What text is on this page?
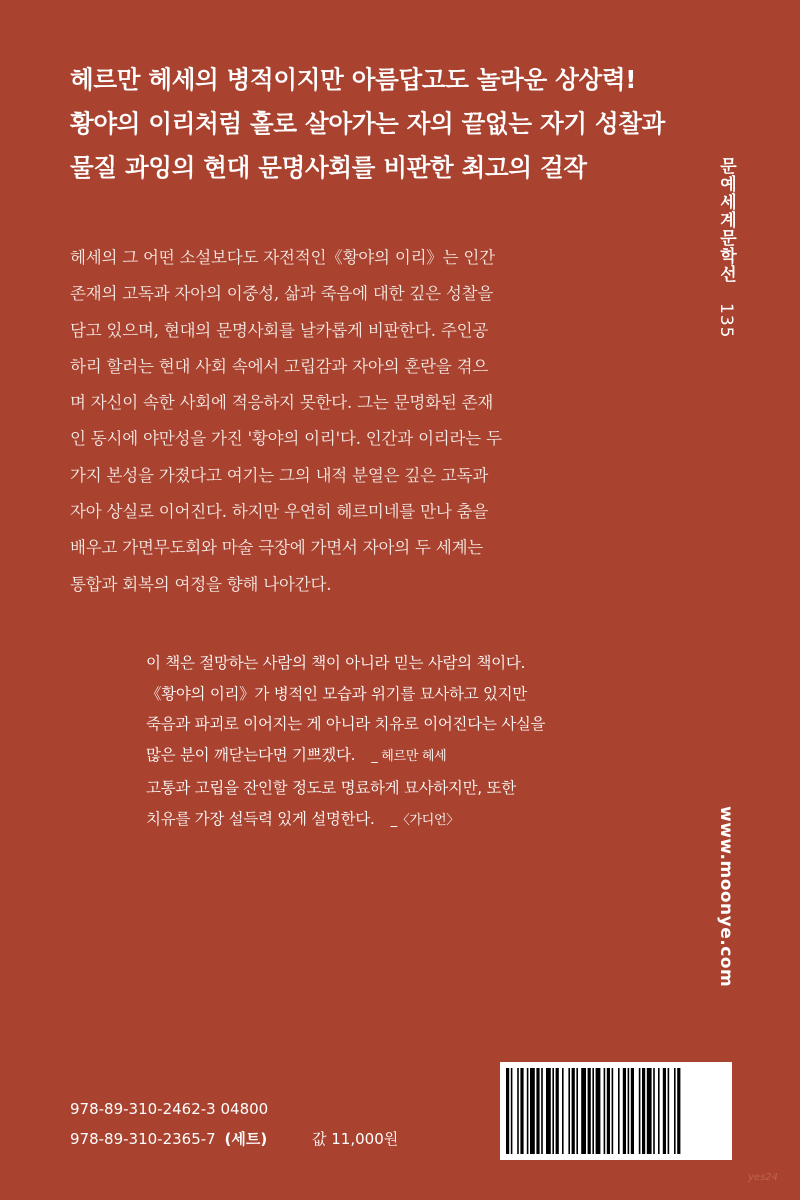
헤르만 헤세의 병적이지만 아름답고도 놀라운 상상력!
황야의 이리처럼 홀로 살아가는 자의 끝없는 자기 성찰과
물질 과잉의 현대 문명사회를 비판한 최고의 걸작	문예세계문학선135
헤세의 그 어떤 소설보다도 자전적인《황야의 이리》는 인간
존재의 고독과 자아의 이중성, 삶과 죽음에 대한 깊은 성찰을
담고 있으며, 현대의 문명사회를 날카롭게 비판한다. 주인공
하리 할러는 현대 사회 속에서 고립감과 자아의 혼란을 겪으
며 자신이 속한 사회에 적응하지 못한다. 그는 문명화된 존재
인 동시에 야만성을 가진 '황야의 이리'다. 인간과 이리라는 두
가지 본성을 가졌다고 여기는 그의 내적 분열은 깊은 고독과
자아 상실로 이어진다. 하지만 우연히 헤르미네를 만나 춤을
배우고 가면무도회와 마술 극장에 가면서 자아의 두 세계는
통합과 회복의 여정을 향해 나아간다.
이 책은 절망하는 사람의 책이 아니라 믿는 사람의 책이다.
《황야의 이리》가 병적인 모습과 위기를 묘사하고 있지만
죽음과 파괴로 이어지는 게 아니라 치유로 이어진다는 사실을
많은 분이 깨닫는다면 기쁘겠다. _ 헤르만 헤세
고통과 고립을 잔인할 정도로 명료하게 묘사하지만, 또한
치유를 가장 설득력 있게 설명한다. _〈가디언〉	www.moonye.com
978-89-310-2462-3 04800
978-89-310-2365-7 (세트)	값 11,000원
yes24
